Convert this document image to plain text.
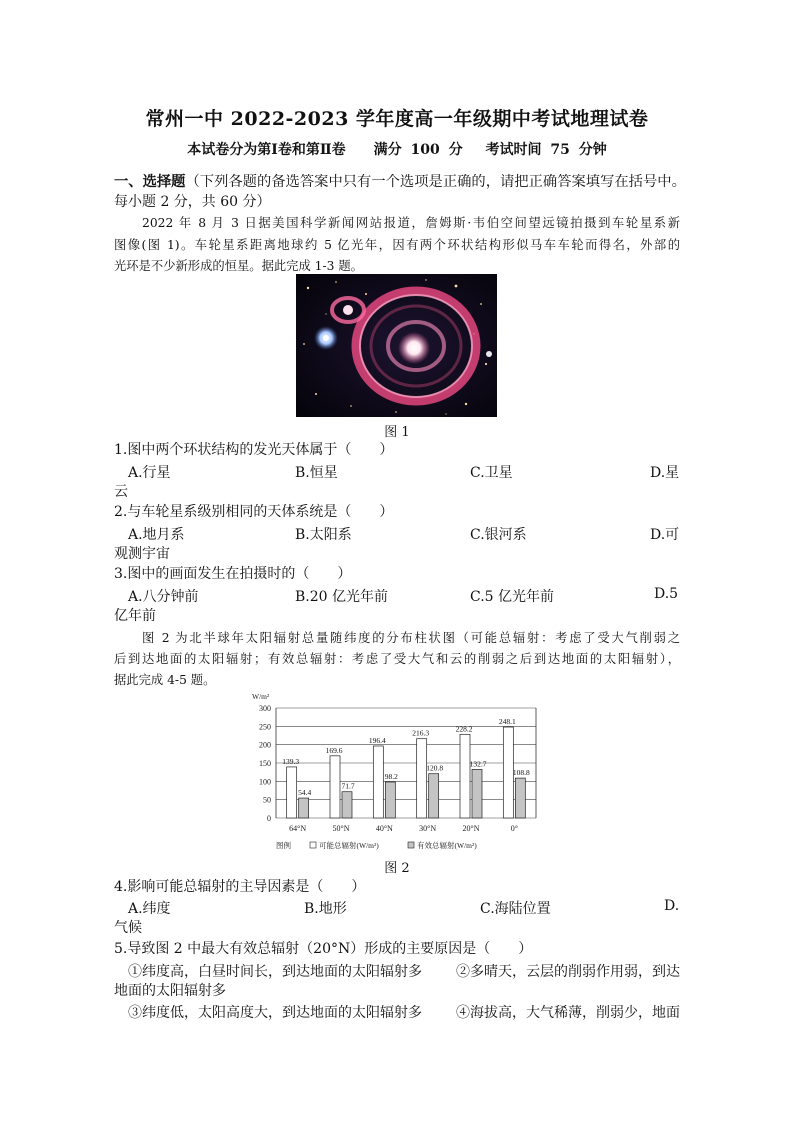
常州一中 2022-2023 学年度高一年级期中考试地理试卷
本试卷分为第Ⅰ卷和第Ⅱ卷　　满分 100 分　 考试时间 75 分钟
一、选择题（下列各题的备选答案中只有一个选项是正确的，请把正确答案填写在括号中。
每小题 2 分，共 60 分）
2022 年 8 月 3 日据美国科学新闻网站报道，詹姆斯·韦伯空间望远镜拍摄到车轮星系新
图像(图 1)。车轮星系距离地球约 5 亿光年，因有两个环状结构形似马车车轮而得名，外部的
光环是不少新形成的恒星。据此完成 1-3 题。
图 1
1.图中两个环状结构的发光天体属于（　　）
A.行星	B.恒星	C.卫星	D.星
云
2.与车轮星系级别相同的天体系统是（　　）
A.地月系	B.太阳系	C.银河系	D.可
观测宇宙
3.图中的画面发生在拍摄时的（　　）
A.八分钟前	B.20 亿光年前	C.5 亿光年前	D.5
亿年前
图 2 为北半球年太阳辐射总量随纬度的分布柱状图（可能总辐射：考虑了受大气削弱之
后到达地面的太阳辐射；有效总辐射：考虑了受大气和云的削弱之后到达地面的太阳辐射），
据此完成 4-5 题。
W/m²
0
50
100
150
200
250
300
139.3
54.4
64°N
169.6
71.7
50°N
196.4
98.2
40°N
216.3
120.8
30°N
228.2
132.7
20°N
248.1
108.8
0°
图例	可能总辐射(W/m²)	有效总辐射(W/m²)
图 2
4.影响可能总辐射的主导因素是（　　）
A.纬度	B.地形	C.海陆位置	D.
气候
5.导致图 2 中最大有效总辐射（20°N）形成的主要原因是（　　）
①纬度高，白昼时间长，到达地面的太阳辐射多 ②多晴天，云层的削弱作用弱，到达
地面的太阳辐射多
③纬度低，太阳高度大，到达地面的太阳辐射多 ④海拔高，大气稀薄，削弱少，地面
